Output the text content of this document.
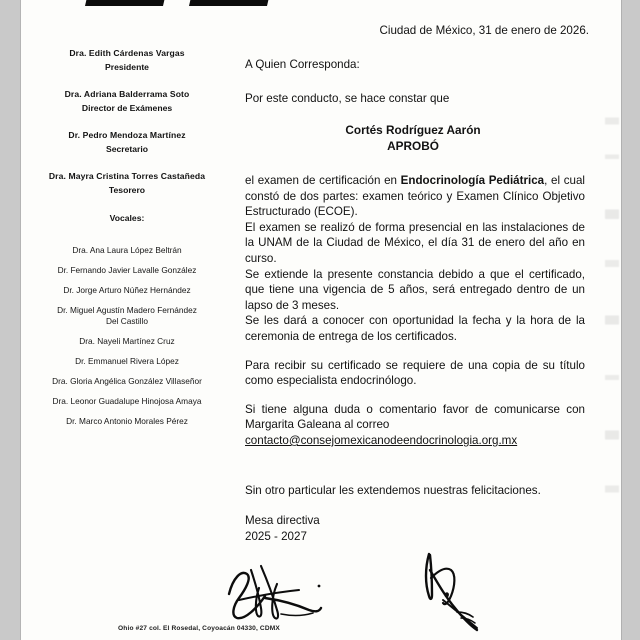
Dra. Edith Cárdenas Vargas
Presidente
Dra. Adriana Balderrama Soto
Director de Exámenes
Dr. Pedro Mendoza Martínez
Secretario
Dra. Mayra Cristina Torres Castañeda
Tesorero
Vocales:
Dra. Ana Laura López Beltrán
Dr. Fernando Javier Lavalle González
Dr. Jorge Arturo Núñez Hernández
Dr. Miguel Agustín Madero Fernández
Del Castillo
Dra. Nayeli Martínez Cruz
Dr. Emmanuel Rivera López
Dra. Gloria Angélica González Villaseñor
Dra. Leonor Guadalupe Hinojosa Amaya
Dr. Marco Antonio Morales Pérez
Ciudad de México, 31 de enero de 2026.
A Quien Corresponda:
Por este conducto, se hace constar que
Cortés Rodríguez Aarón
APROBÓ

el examen de certificación en Endocrinología Pediátrica, el cual constó de dos partes: examen teórico y Examen Clínico Objetivo Estructurado (ECOE).

El examen se realizó de forma presencial en las instalaciones de la UNAM de la Ciudad de México, el día 31 de enero del año en curso.

Se extiende la presente constancia debido a que el certificado, que tiene una vigencia de 5 años, será entregado dentro de un lapso de 3 meses.

Se les dará a conocer con oportunidad la fecha y la hora de la ceremonia de entrega de los certificados.

Para recibir su certificado se requiere de una copia de su título como especialista endocrinólogo.

Si tiene alguna duda o comentario favor de comunicarse con Margarita Galeana al correo
contacto@consejomexicanodeendocrinologia.org.mx

Sin otro particular les extendemos nuestras felicitaciones.
Mesa directiva
2025 - 2027
Ohio #27 col. El Rosedal, Coyoacán 04330, CDMX
